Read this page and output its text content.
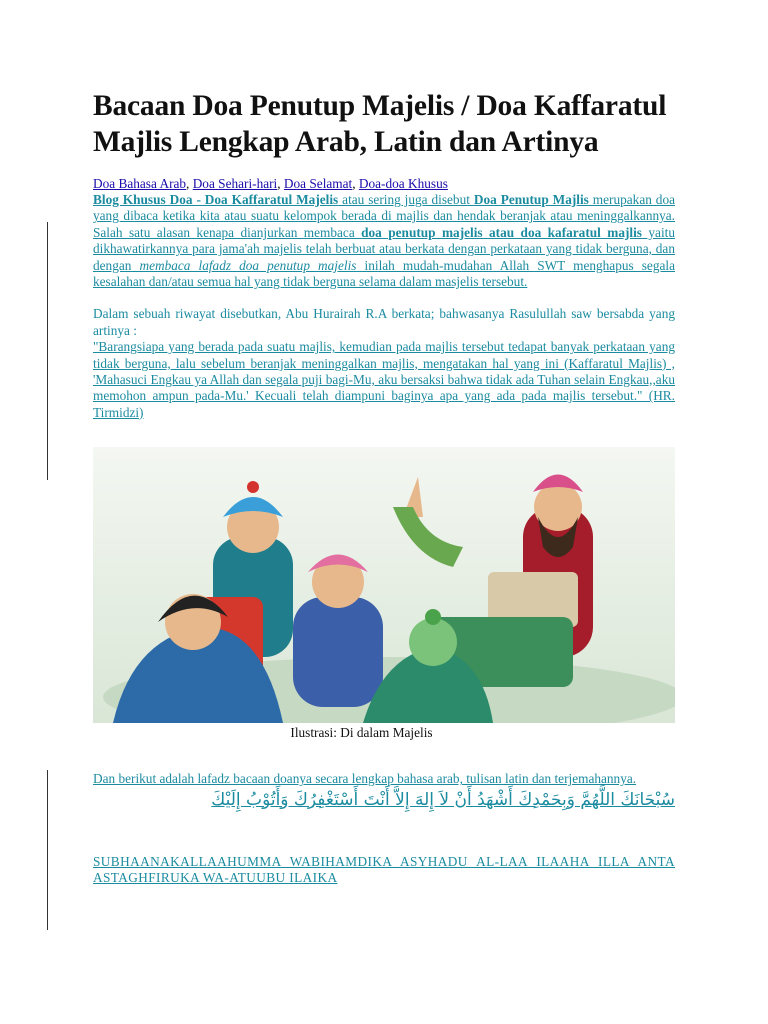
Bacaan Doa Penutup Majelis / Doa Kaffaratul Majlis Lengkap Arab, Latin dan Artinya
Doa Bahasa Arab, Doa Sehari-hari, Doa Selamat, Doa-doa Khusus

Blog Khusus Doa - Doa Kaffaratul Majelis atau sering juga disebut Doa Penutup Majlis merupakan doa yang dibaca ketika kita atau suatu kelompok berada di majlis dan hendak beranjak atau meninggalkannya. Salah satu alasan kenapa dianjurkan membaca doa penutup majelis atau doa kafaratul majlis yaitu dikhawatirkannya para jama'ah majelis telah berbuat atau berkata dengan perkataan yang tidak berguna, dan dengan membaca lafadz doa penutup majelis inilah mudah-mudahan Allah SWT menghapus segala kesalahan dan/atau semua hal yang tidak berguna selama dalam masjelis tersebut.

Dalam sebuah riwayat disebutkan, Abu Hurairah R.A berkata; bahwasanya Rasulullah saw bersabda yang artinya :

"Barangsiapa yang berada pada suatu majlis, kemudian pada majlis tersebut tedapat banyak perkataan yang tidak berguna, lalu sebelum beranjak meninggalkan majlis, mengatakan hal yang ini (Kaffaratul Majlis) , 'Mahasuci Engkau ya Allah dan segala puji bagi-Mu, aku bersaksi bahwa tidak ada Tuhan selain Engkau,,aku memohon ampun pada-Mu.' Kecuali telah diampuni baginya apa yang ada pada majlis tersebut." (HR. Tirmidzi)

Ilustrasi: Di dalam Majelis

Dan berikut adalah lafadz bacaan doanya secara lengkap bahasa arab, tulisan latin dan terjemahannya.

سُبْحَانَكَ اللَّهُمَّ وَبِحَمْدِكَ أَشْهَدُ أَنْ لاَ إِلهَ إِلاَّ أَنْتَ أَسْتَغْفِرُكَ وَأَتُوْبُ إِلَيْكَ
SUBHAANAKALLAAHUMMA WABIHAMDIKA ASYHADU AL-LAA ILAAHA ILLA ANTA ASTAGHFIRUKA WA-ATUUBU ILAIKA
